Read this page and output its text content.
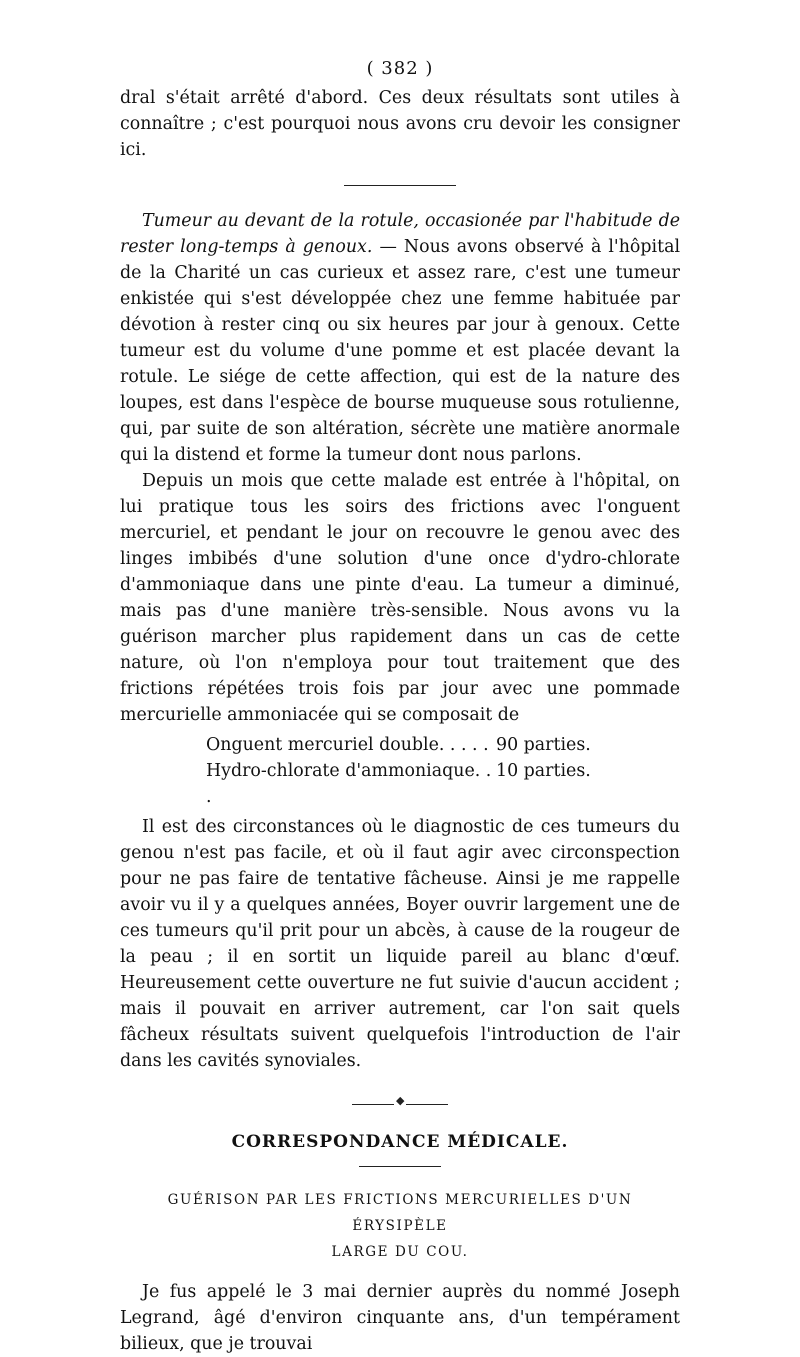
( 382 )

dral s'était arrêté d'abord. Ces deux résultats sont utiles à connaître ; c'est pourquoi nous avons cru devoir les consigner ici.

Tumeur au devant de la rotule, occasionée par l'habitude de rester long-temps à genoux. — Nous avons observé à l'hôpital de la Charité un cas curieux et assez rare, c'est une tumeur enkistée qui s'est développée chez une femme habituée par dévotion à rester cinq ou six heures par jour à genoux. Cette tumeur est du volume d'une pomme et est placée devant la rotule. Le siége de cette affection, qui est de la nature des loupes, est dans l'espèce de bourse muqueuse sous rotulienne, qui, par suite de son altération, sécrète une matière anormale qui la distend et forme la tumeur dont nous parlons.

Depuis un mois que cette malade est entrée à l'hôpital, on lui pratique tous les soirs des frictions avec l'onguent mercuriel, et pendant le jour on recouvre le genou avec des linges imbibés d'une solution d'une once d'ydro-chlorate d'ammoniaque dans une pinte d'eau. La tumeur a diminué, mais pas d'une manière très-sensible. Nous avons vu la guérison marcher plus rapidement dans un cas de cette nature, où l'on n'employa pour tout traitement que des frictions répétées trois fois par jour avec une pommade mercurielle ammoniacée qui se composait de

Onguent mercuriel double. . . . . 90 parties.
Hydro-chlorate d'ammoniaque. . .
10 parties.

Il est des circonstances où le diagnostic de ces tumeurs du genou n'est pas facile, et où il faut agir avec circonspection pour ne pas faire de tentative fâcheuse. Ainsi je me rappelle avoir vu il y a quelques années, Boyer ouvrir largement une de ces tumeurs qu'il prit pour un abcès, à cause de la rougeur de la peau ; il en sortit un liquide pareil au blanc d'œuf. Heureusement cette ouverture ne fut suivie d'aucun accident ; mais il pouvait en arriver autrement, car l'on sait quels fâcheux résultats suivent quelquefois l'introduction de l'air dans les cavités synoviales.

◆
CORRESPONDANCE MÉDICALE.
GUÉRISON PAR LES FRICTIONS MERCURIELLES D'UN ÉRYSIPÈLE
LARGE DU COU.

Je fus appelé le 3 mai dernier auprès du nommé Joseph Legrand, âgé d'environ cinquante ans, d'un tempérament bilieux, que je trouvai
